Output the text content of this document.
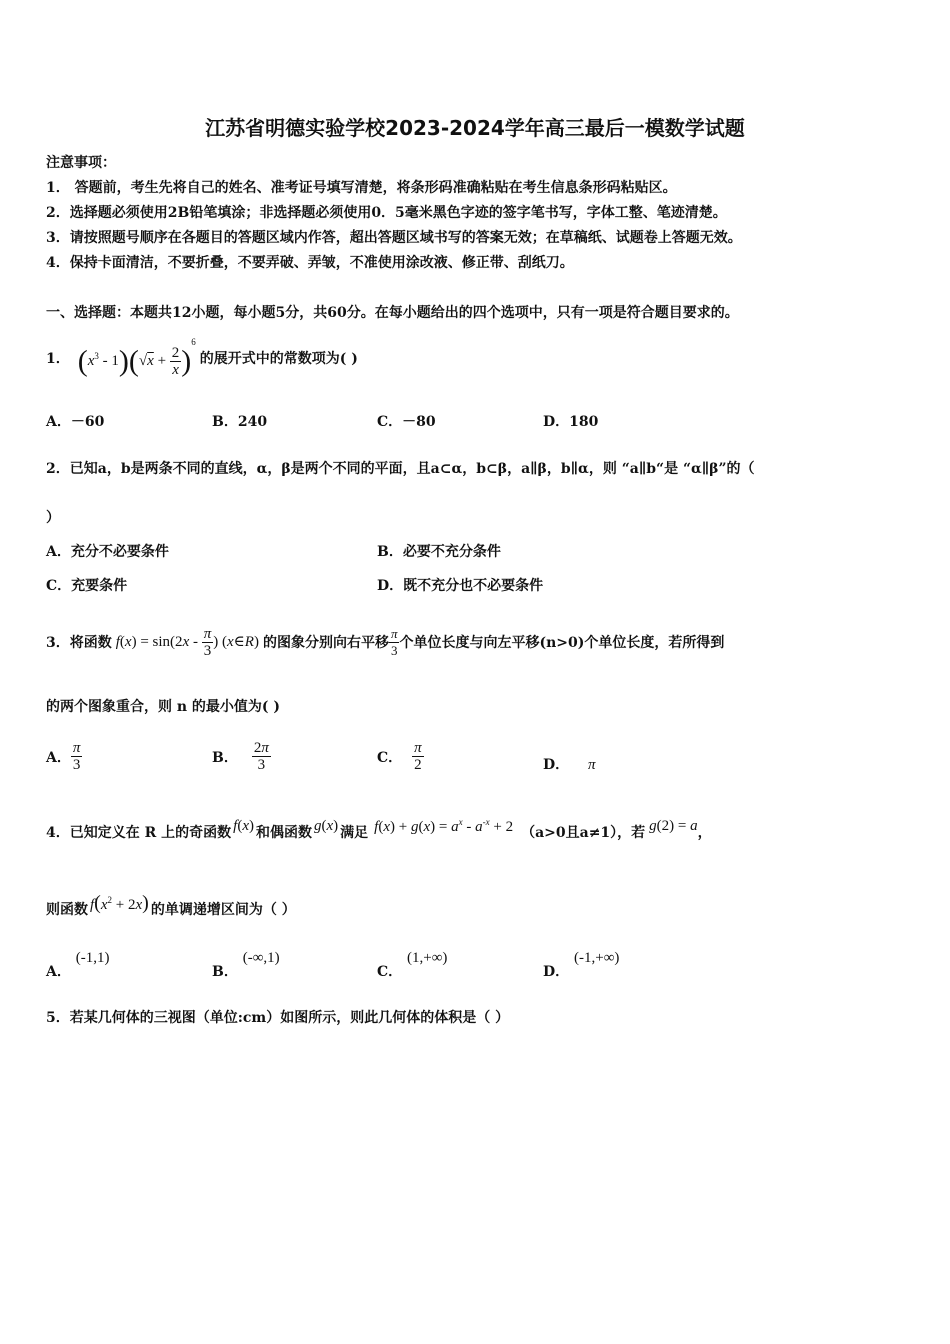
江苏省明德实验学校2023-2024学年高三最后一模数学试题
注意事项：
1． 答题前，考生先将自己的姓名、准考证号填写清楚，将条形码准确粘贴在考生信息条形码粘贴区。
2．选择题必须使用2B铅笔填涂；非选择题必须使用0．5毫米黑色字迹的签字笔书写，字体工整、笔迹清楚。
3．请按照题号顺序在各题目的答题区域内作答，超出答题区域书写的答案无效；在草稿纸、试题卷上答题无效。
4．保持卡面清洁，不要折叠，不要弄破、弄皱，不准使用涂改液、修正带、刮纸刀。
一、选择题：本题共12小题，每小题5分，共60分。在每小题给出的四个选项中，只有一项是符合题目要求的。
1． $(x^3 - 1)(√x + \frac{2}{x} )^6$
的展开式中的常数项为( )
A．－60	B．240	C．－80	D．180
2．已知a，b是两条不同的直线，α，β是两个不同的平面，且a⊂α，b⊂β，a∥β，b∥α，则 “a∥b“是 “α∥β”的（
）
A．充分不必要条件	B．必要不充分条件
C．充要条件	D．既不充分也不必要条件
3． 将函数 $f(x) = \sin(2x - \frac{\pi}{3}$ ) (x∈R) 的图象分别向右平移 $\frac{\pi}{3}$ 个单位长度与向左平移 (n>0)个单位长度，若所得到
的两个图象重合，则 n 的最小值为( )
A． $\frac{\pi}{3}$	B． $\frac{2\pi}{3}$	C． $\frac{\pi}{2}$	D． π
4． 已知定义在 R 上的奇函数 f(x) 和偶函数 g(x) 满足 $f(x) + g(x) = a^x - a^{-x} + 2$ （a>0且a≠1），若 g(2) = a ，
则函数 $f(x^2 + 2x)$ 的单调递增区间为（ ）
A． (-1,1)
B． (-∞,1)
C． (1,+∞)
D． (-1,+∞)
5．若某几何体的三视图（单位:cm）如图所示，则此几何体的体积是（ ）
